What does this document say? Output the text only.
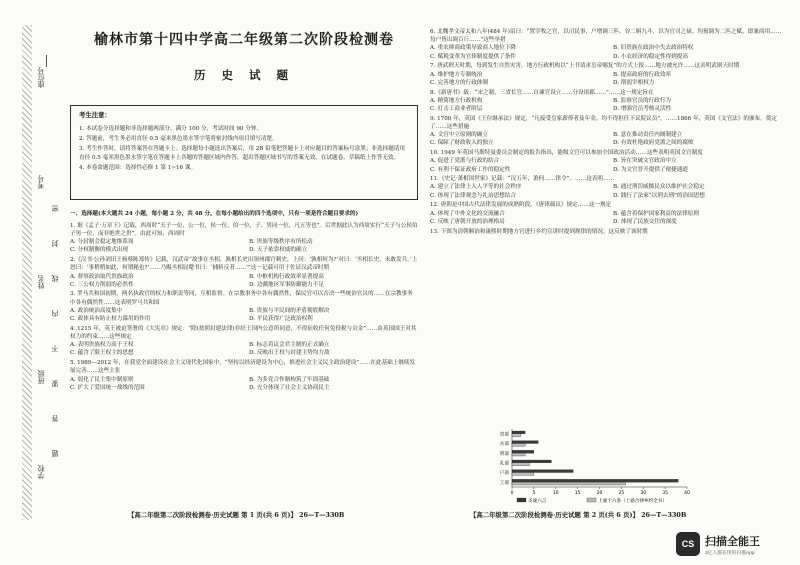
座位号
考号
姓名
班级
学校
密
封
线
内
不
要
答
题
榆林市第十四中学高二年级第二次阶段检测卷
历 史 试 题
考生注意：

1. 本试卷分选择题和非选择题两部分。满分 100 分，考试时间 90 分钟。

2. 答题前，考生务必用直径 0.5 毫米黑色墨水签字笔将密封线内项目填写清楚。

3. 考生作答时，请将答案答在答题卡上。选择题每小题选出答案后，用 2B 铅笔把答题卡上对应题目的答案标号涂黑；非选择题请用直径 0.5 毫米黑色墨水签字笔在答题卡上各题的答题区域内作答，超出答题区域书写的答案无效，在试题卷、草稿纸上作答无效。

4. 本卷命题范围：选择性必修 1 第 1~16 课。

一、选择题(本大题共 24 小题，每小题 2 分，共 48 分。在每小题给出的四个选项中，只有一项是符合题目要求的)
1. 据《孟子·万章下》记载，西周时“天子一位，公一位，侯一位，伯一位，子、男同一位，凡五等也”。后世据此认为西周实行“天子与公侯伯子男一位，而非绝世之贵”。由此可知，西周时
A. 分封制会稳定地维系周	B. 贵族等级秩序有所松动
C. 分权制衡的模式出现	D. 天子依靠权威的确立
2.《汉书·公孙刘田王杨蔡陈郑传》记载，汉武帝“故事在丞相，孰相长史出领州郡官刺史，上问：‘孰相何为?’对曰：‘丞相长史，未敢发兵。’上怒曰：‘事稍稍如此，何谓秘也?’……乃赐丞相屈氂书曰：‘捕斩反者……’”这一记载可用于佐证汉武帝时期
A. 督察政治取代贵族政治	B. 中枢机构行政效率显著提高
C. 三公权力削弱的必然性	D. 边疆地区军事防御能力不足
3. 罗马共和国初期，两名执政官的权力和职责等同，互相监督。在宗教事务中各有偶然性，保民官可以否决一些统治官员的……在宗教事务中各有偶然性……这表明罗马共和国
A. 政治统治高度集中	B. 贵族与平民间的矛盾彻底解决
C. 政体具有防止权力滥用的作用	D. 平民获得广泛政治权利
4. 1215 年，英王被迫签署的《大宪章》规定：“除(按照封建法律)非经王国内公意所同意，不得征收任何免役税与贡金”……由英国国王对其权力的约束……这些规定
A. 表明贵族权力高于王权	B. 标志着议会君主制的正式确立
C. 蕴含了限王权主的思想	D. 反映出王权与封建主势均力敌
5. 1989—2012 年，在我党全面建设社会主义现代化国家中，“坚持以经济建设为中心，推进社会主义民主政治建设”……在此基础上继续发展完善……这些主张
A. 弱化了民主集中制原则	B. 为多党合作制构筑了牢固基础
C. 扩大了爱国统一战线的范围	D. 充分体现了社会主义协商民主
6. 北魏孝文帝太和八年(484 年)诏曰：“置宰牧之官，以司民事，户增调三匹、谷二斛九斗，以为官司之禄。均预调为二匹之赋，即兼商用……每户皆出调百斤……”这些举措
A. 重农抑商政策导致商人地位下降	B. 旧贵族在政治中失去政治特权
C. 赋税变革为官俸制度提供了条件	D. 小农经济的稳定性得到提高
7. 唐武则天时期，每到发生自然灾害，地方行政机构以“上书请求皇帝赐复”的方式上报……地方被允许……这表明武则天时期
A. 维护地方专制统治	B. 提高政府的行政效率
C. 完善地方的行政体制	D. 削弱宰相权力
8.《新唐书》载：“宋之制，三省长官……自谏官设立……分设诸郡……”……这一规定旨在
A. 精简地方行政机构	B. 监察官员的行政行为
C. 打击工商业者阶层	D. 增强官员考核灵活性
9. 1700 年，英国《王位继承法》规定，“凡接受皇家薪俸者及年金，均不得担任下议院议员”。……1866 年，英国《文官法》的颁布，奠定了……这些措施
A. 文官中立原则的确立	B. 意在推动责任内阁制建立
C. 保障了财政收入的独立	D. 有效杜绝政府党派之间的腐败
10. 1949 年英国马斯特曼委员会制定的报告指出，能级文官可以参加全国政治活动……这些表明英国文官制度
A. 促进了党派与行政的结合	B. 旨在突破文官政治中立
C. 有利于保证政府工作的稳定性	D. 为文官晋升提供了便捷通道
11.《史记·萧相国世家》记载：“汉五年，萧何……律令”。……这表明……
A. 建立了法律上人人平等的社会秩序	B. 通过刑罚威慑民众以维护社会稳定
C. 体现了法律观念与礼治思想结合	D. 践行了法家“以刑去刑”的治国思想
12. 唐朝是中国古代法律发展的成熟阶段。《唐律疏议》规定……这一规定
A. 体现了中外文化的交流融合	B. 蕴含着保护国家利益的法律原则
C. 反映了唐朝开放的治理格局	D. 体现了民族交往的深度
13. 下图为清朝顺治和康熙时期地方官进行乡约宣讲时提到规律的情况。这反映了该时期
0	5	10	15	20	25	30	35	40
吏部
兵部
刑部
礼部
户部
工部
圣谕六言	上谕十六条（上谕合律乡约全书）
【高二年级第二次阶段检测卷·历史试题 第 1 页(共 6 页)】 26—T—330B	【高二年级第二次阶段检测卷·历史试题 第 2 页(共 6 页)】 26—T—330B
CS 扫描全能王
3亿人都在用的扫描App
